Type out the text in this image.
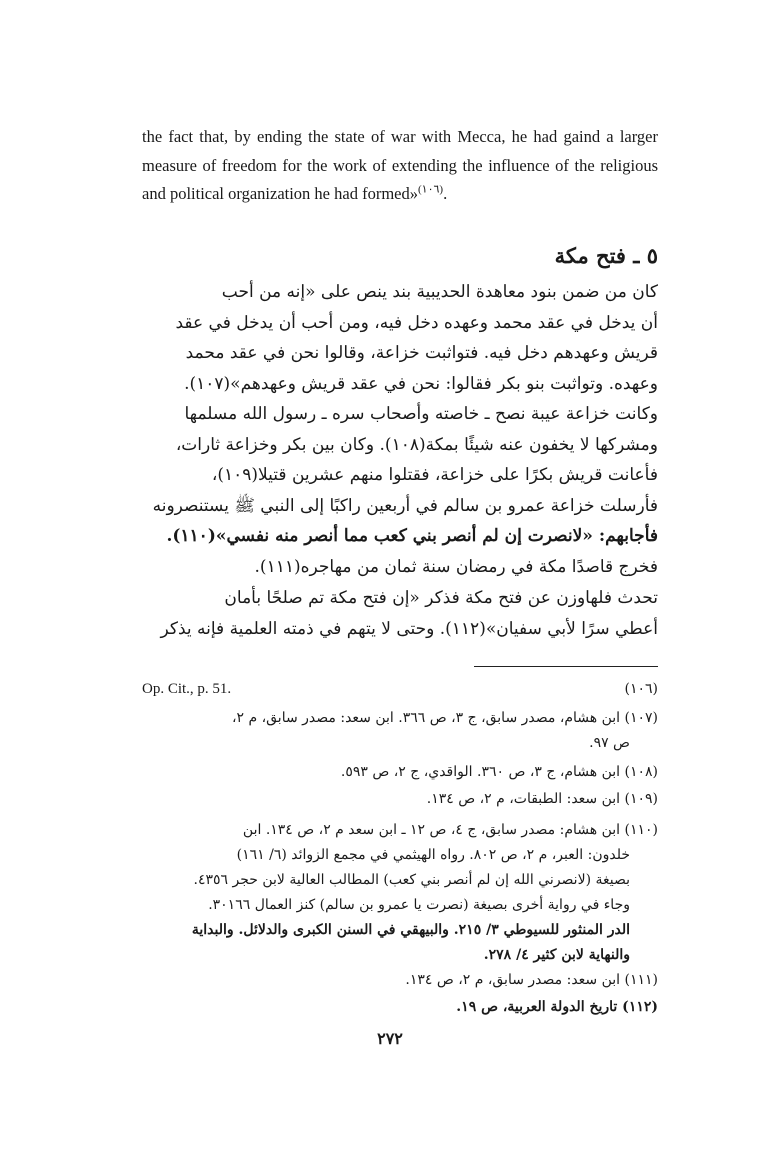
the fact that, by ending the state of war with Mecca, he had gaind a larger measure of freedom for the work of extending the influence of the religious and political organization he had formed»$^{(١٠٦)}$.

٥ ـ فتح مكة
كان من ضمن بنود معاهدة الحديبية بند ينص على «إنه من أحب
أن يدخل في عقد محمد وعهده دخل فيه، ومن أحب أن يدخل في عقد
قريش وعهدهم دخل فيه. فتواثبت خزاعة، وقالوا نحن في عقد محمد
وعهده. وتواثبت بنو بكر فقالوا: نحن في عقد قريش وعهدهم»(١٠٧).
وكانت خزاعة عيبة نصح ـ خاصته وأصحاب سره ـ رسول الله مسلمها
ومشركها لا يخفون عنه شيئًا بمكة(١٠٨). وكان بين بكر وخزاعة ثارات،
فأعانت قريش بكرًا على خزاعة، فقتلوا منهم عشرين قتيلا(١٠٩)،
فأرسلت خزاعة عمرو بن سالم في أربعين راكبًا إلى النبي ﷺ يستنصرونه
فأجابهم: «لانصرت إن لم أنصر بني كعب مما أنصر منه نفسي»(١١٠).
فخرج قاصدًا مكة في رمضان سنة ثمان من مهاجره(١١١).
تحدث فلهاوزن عن فتح مكة فذكر «إن فتح مكة تم صلحًا بأمان
أعطي سرًا لأبي سفيان»(١١٢). وحتى لا يتهم في ذمته العلمية فإنه يذكر
Op. Cit., p. 51.	(١٠٦)
(١٠٧) ابن هشام، مصدر سابق، ج ٣، ص ٣٦٦. ابن سعد: مصدر سابق، م ٢،
ص ٩٧.
(١٠٨) ابن هشام، ج ٣، ص ٣٦٠. الواقدي، ج ٢، ص ٥٩٣.
(١٠٩) ابن سعد: الطبقات، م ٢، ص ١٣٤.
(١١٠) ابن هشام: مصدر سابق، ج ٤، ص ١٢ ـ ابن سعد م ٢، ص ١٣٤. ابن
خلدون: العبر، م ٢، ص ٨٠٢. رواه الهيثمي في مجمع الزوائد (٦/ ١٦١)
بصيغة (لانصرني الله إن لم أنصر بني كعب) المطالب العالية لابن حجر ٤٣٥٦.
وجاء في رواية أخرى بصيغة (نصرت يا عمرو بن سالم) كنز العمال ٣٠١٦٦.
الدر المنثور للسيوطي ٣/ ٢١٥. والبيهقي في السنن الكبرى والدلائل. والبداية
والنهاية لابن كثير ٤/ ٢٧٨.
(١١١) ابن سعد: مصدر سابق، م ٢، ص ١٣٤.
(١١٢) تاريخ الدولة العربية، ص ١٩.

٢٧٢
